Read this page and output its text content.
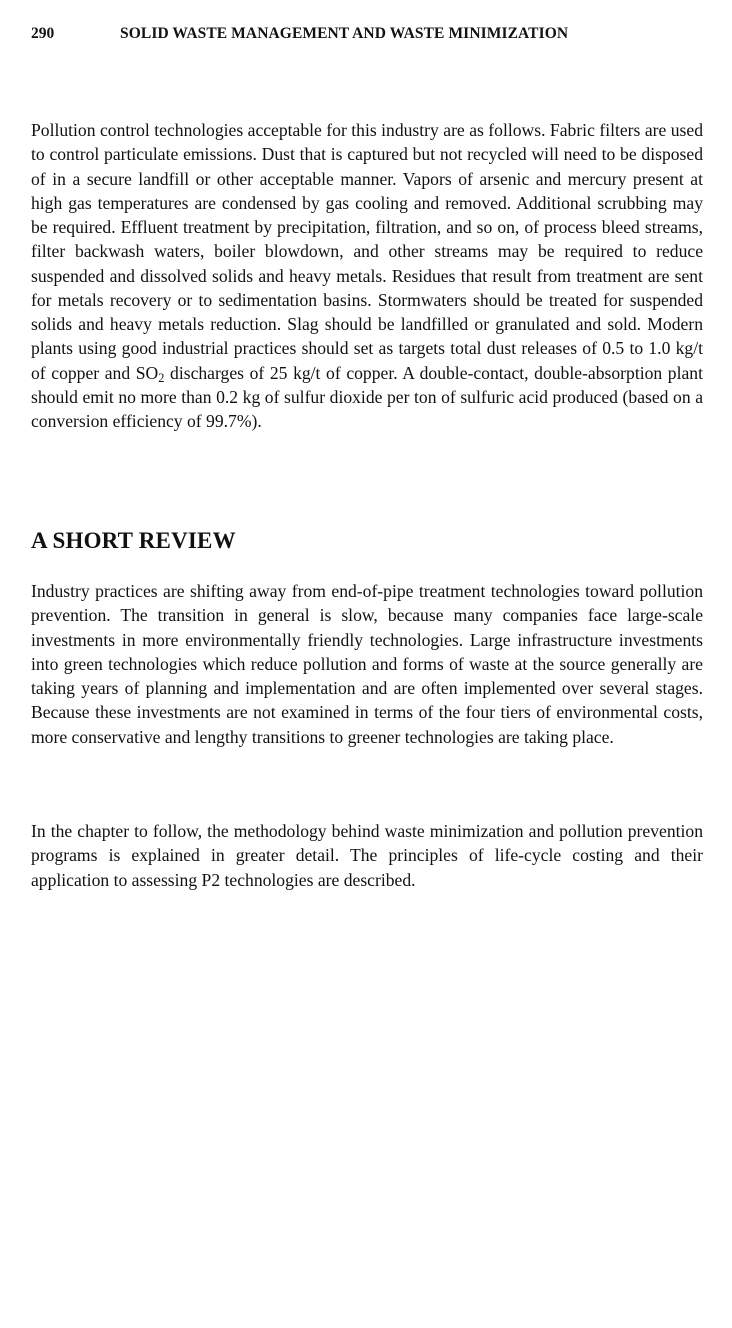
290	SOLID WASTE MANAGEMENT AND WASTE MINIMIZATION

Pollution control technologies acceptable for this industry are as follows. Fabric filters are used to control particulate emissions. Dust that is captured but not recycled will need to be disposed of in a secure landfill or other acceptable manner. Vapors of arsenic and mercury present at high gas temperatures are condensed by gas cooling and removed. Additional scrubbing may be required. Effluent treatment by precipitation, filtration, and so on, of process bleed streams, filter backwash waters, boiler blowdown, and other streams may be required to reduce suspended and dissolved solids and heavy metals. Residues that result from treatment are sent for metals recovery or to sedimentation basins. Stormwaters should be treated for suspended solids and heavy metals reduction. Slag should be landfilled or granulated and sold. Modern plants using good industrial practices should set as targets total dust releases of 0.5 to 1.0 kg/t of copper and $SO_2$ discharges of 25 kg/t of copper. A double-contact, double-absorption plant should emit no more than 0.2 kg of sulfur dioxide per ton of sulfuric acid produced (based on a conversion efficiency of 99.7%).

A SHORT REVIEW

Industry practices are shifting away from end-of-pipe treatment technologies toward pollution prevention. The transition in general is slow, because many companies face large-scale investments in more environmentally friendly technologies. Large infrastructure investments into green technologies which reduce pollution and forms of waste at the source generally are taking years of planning and implementation and are often implemented over several stages. Because these investments are not examined in terms of the four tiers of environmental costs, more conservative and lengthy transitions to greener technologies are taking place.

In the chapter to follow, the methodology behind waste minimization and pollution prevention programs is explained in greater detail. The principles of life-cycle costing and their application to assessing P2 technologies are described.
